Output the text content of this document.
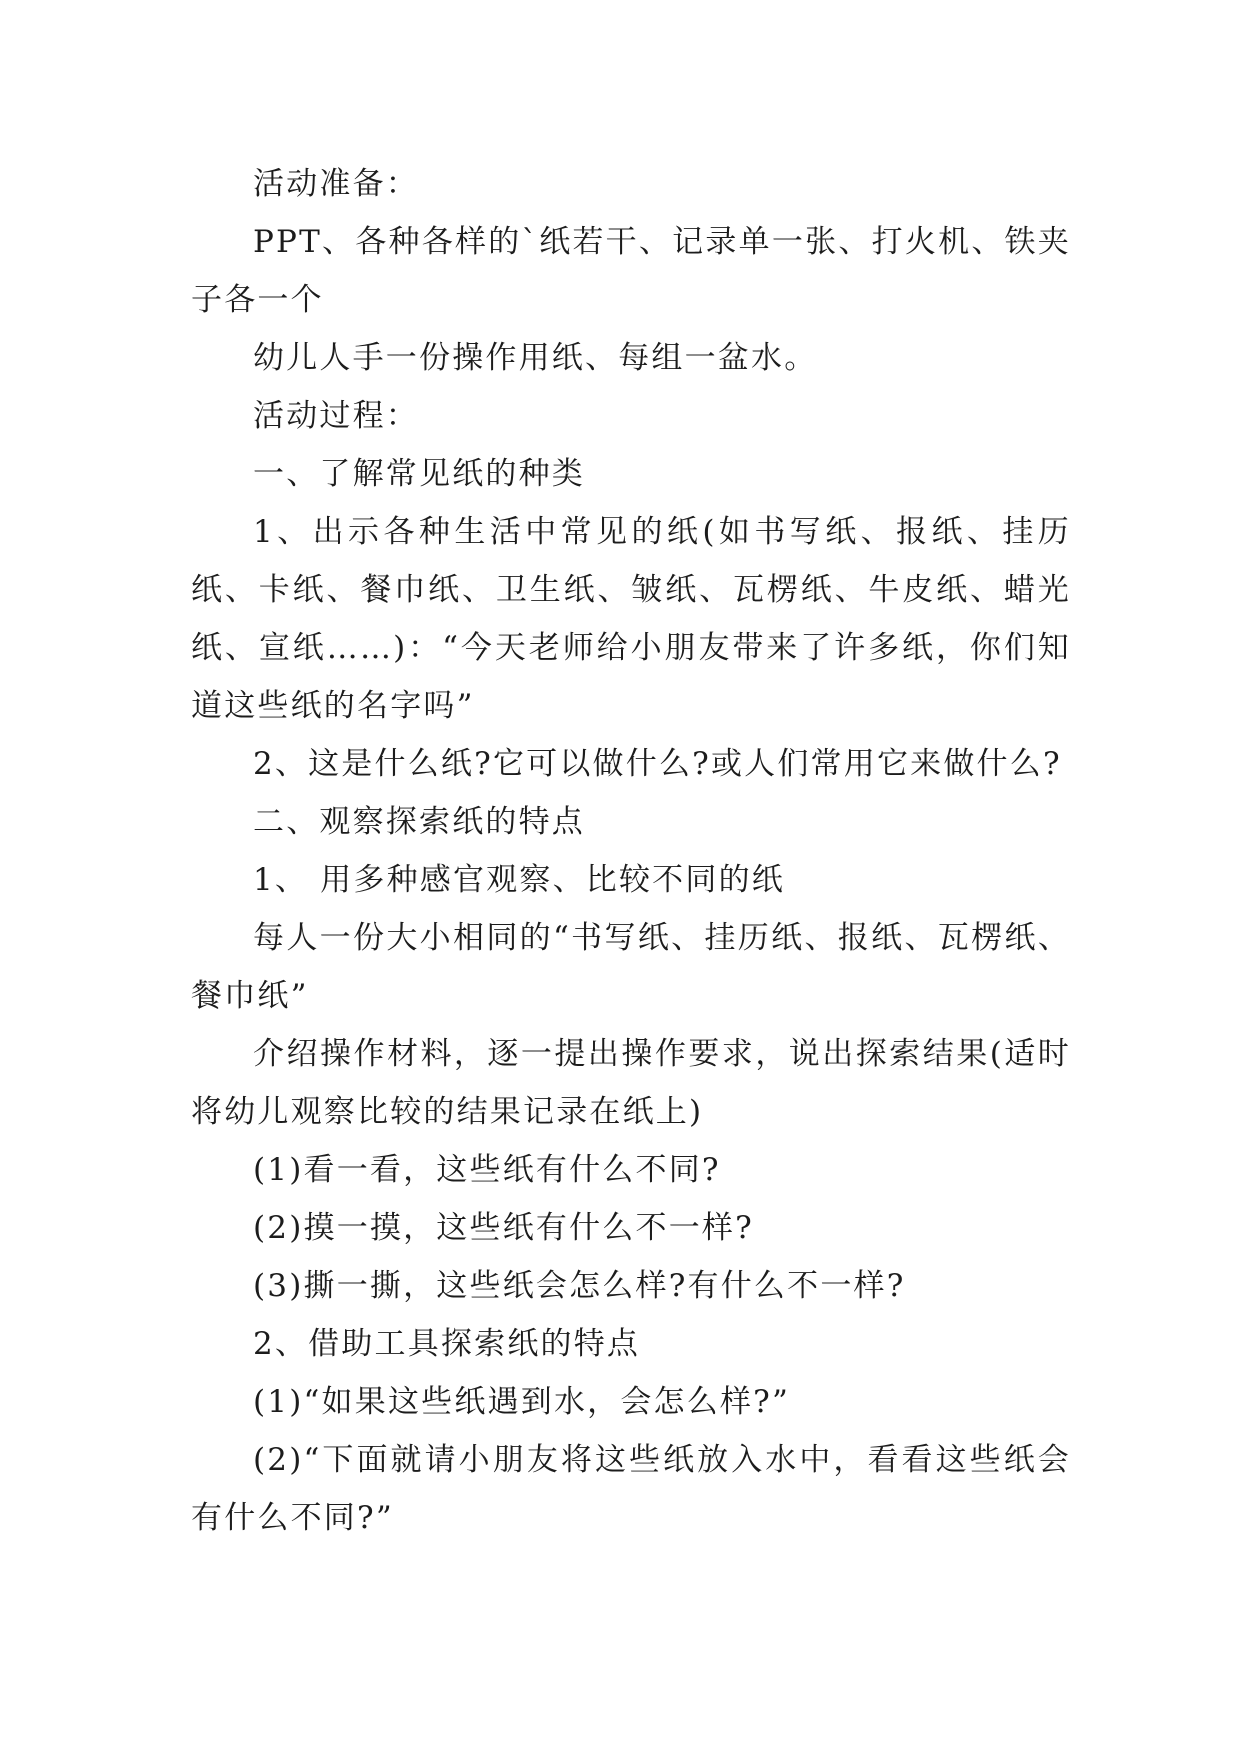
活动准备：

PPT、各种各样的`纸若干、记录单一张、打火机、铁夹子各一个

幼儿人手一份操作用纸、每组一盆水。

活动过程：

一、了解常见纸的种类

1、出示各种生活中常见的纸(如书写纸、报纸、挂历纸、卡纸、餐巾纸、卫生纸、皱纸、瓦楞纸、牛皮纸、蜡光纸、宣纸……)：“今天老师给小朋友带来了许多纸，你们知道这些纸的名字吗”

2、这是什么纸?它可以做什么?或人们常用它来做什么?

二、观察探索纸的特点

1、 用多种感官观察、比较不同的纸

每人一份大小相同的“书写纸、挂历纸、报纸、瓦楞纸、餐巾纸”

介绍操作材料，逐一提出操作要求，说出探索结果(适时将幼儿观察比较的结果记录在纸上)

(1)看一看，这些纸有什么不同?

(2)摸一摸，这些纸有什么不一样?

(3)撕一撕，这些纸会怎么样?有什么不一样?

2、借助工具探索纸的特点

(1)“如果这些纸遇到水，会怎么样?”

(2)“下面就请小朋友将这些纸放入水中，看看这些纸会有什么不同?”
